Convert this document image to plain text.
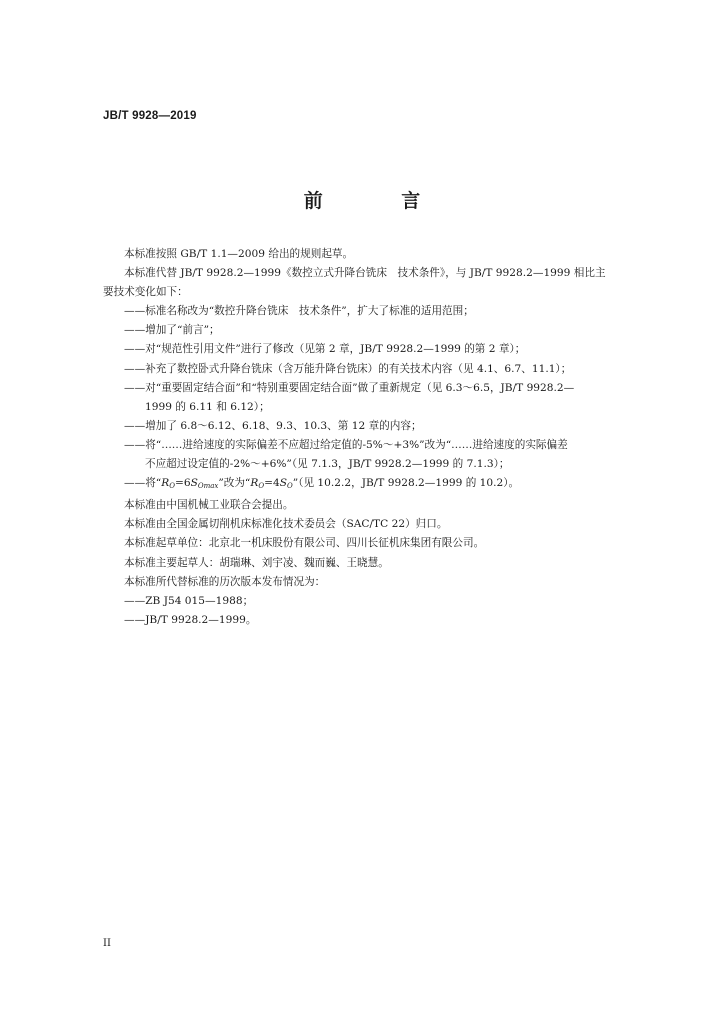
JB/T 9928—2019
前 言
本标准按照 GB/T 1.1—2009 给出的规则起草。
本标准代替 JB/T 9928.2—1999《数控立式升降台铣床　技术条件》，与 JB/T 9928.2—1999 相比主
要技术变化如下：
——标准名称改为“数控升降台铣床　技术条件”，扩大了标准的适用范围；
——增加了“前言”；
——对“规范性引用文件”进行了修改（见第 2 章，JB/T 9928.2—1999 的第 2 章）；
——补充了数控卧式升降台铣床（含万能升降台铣床）的有关技术内容（见 4.1、6.7、11.1）；
——对“重要固定结合面”和“特别重要固定结合面”做了重新规定（见 6.3～6.5，JB/T 9928.2—
1999 的 6.11 和 6.12）；
——增加了 6.8～6.12、6.18、9.3、10.3、第 12 章的内容；
——将“……进给速度的实际偏差不应超过给定值的-5%～+3%”改为“……进给速度的实际偏差
不应超过设定值的-2%～+6%”（见 7.1.3，JB/T 9928.2—1999 的 7.1.3）；
——将“$R_O=6S_{Omax}$”改为“$R_O=4S_O$”（见 10.2.2，JB/T 9928.2—1999 的 10.2）。
本标准由中国机械工业联合会提出。
本标准由全国金属切削机床标准化技术委员会（SAC/TC 22）归口。
本标准起草单位：北京北一机床股份有限公司、四川长征机床集团有限公司。
本标准主要起草人：胡瑞琳、刘宇凌、魏而巍、王晓慧。
本标准所代替标准的历次版本发布情况为：
——ZB J54 015—1988；
——JB/T 9928.2—1999。
II
